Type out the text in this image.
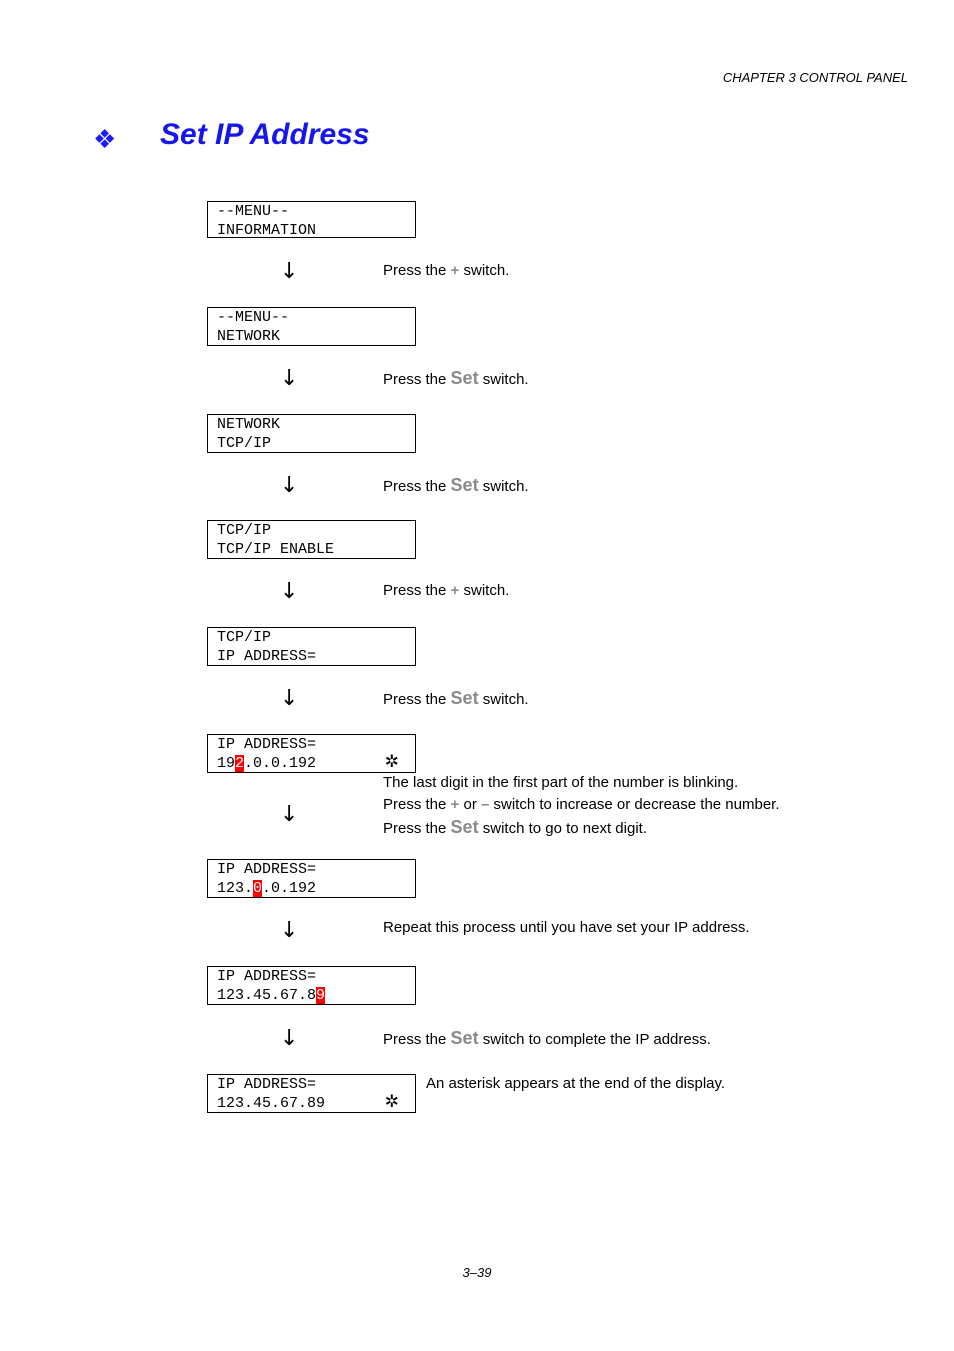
CHAPTER 3 CONTROL PANEL
❖ Set IP Address
--MENU--
INFORMATION
↓	Press the + switch.
--MENU--
NETWORK
↓	Press the Set switch.
NETWORK
TCP/IP
↓	Press the Set switch.
TCP/IP
TCP/IP ENABLE
↓	Press the + switch.
TCP/IP
IP ADDRESS=
↓	Press the Set switch.
IP ADDRESS=
192.0.0.192	✲
The last digit in the first part of the number is blinking.
Press the + or – switch to increase or decrease the number.
Press the Set switch to go to next digit.
↓
IP ADDRESS=
123.0.0.192
↓	Repeat this process until you have set your IP address.
IP ADDRESS=
123.45.67.89
↓	Press the Set switch to complete the IP address.
IP ADDRESS=
123.45.67.89	✲
An asterisk appears at the end of the display.
3–39
